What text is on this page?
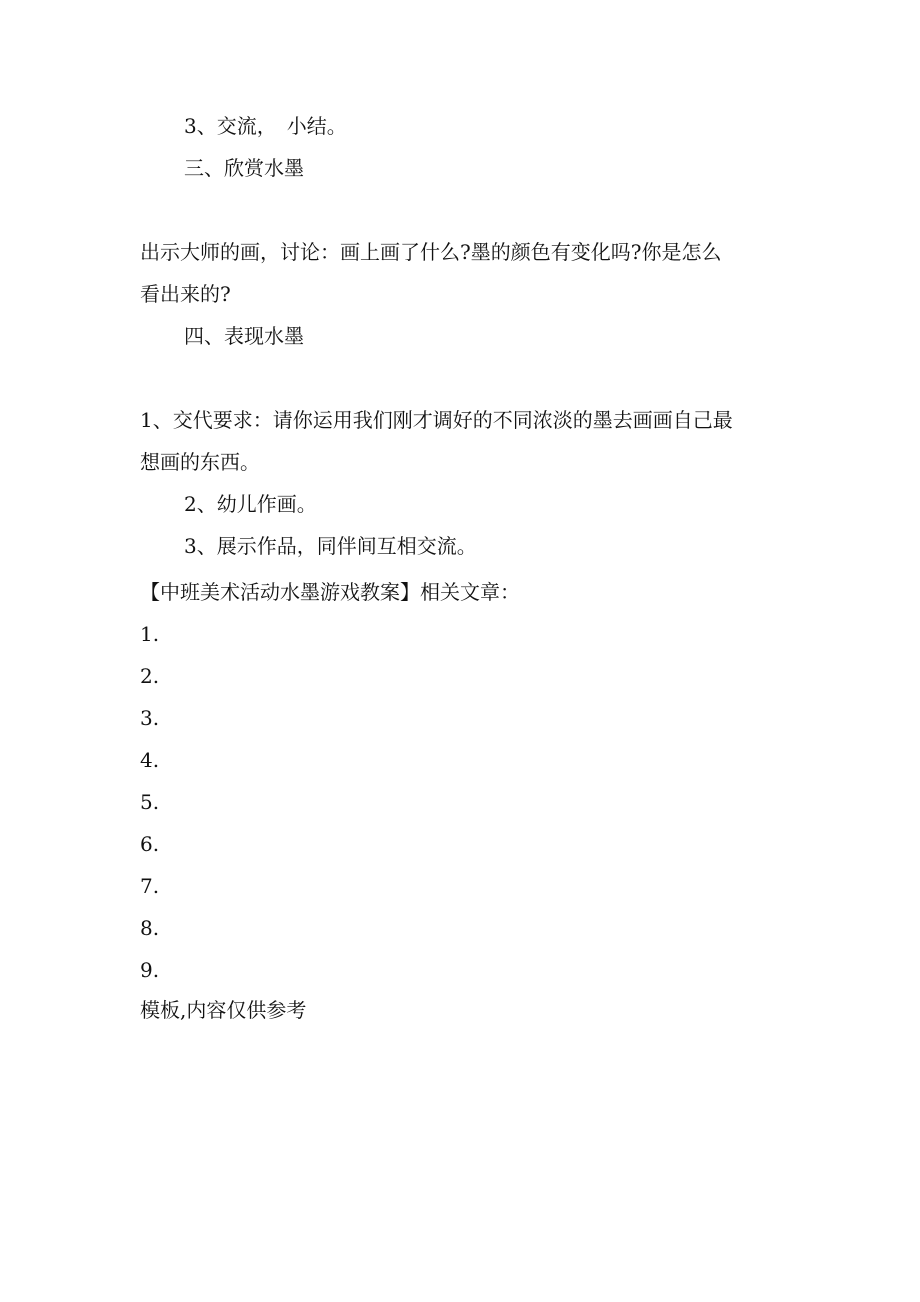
3、交流，　小结。
三、欣赏水墨
出示大师的画，讨论：画上画了什么?墨的颜色有变化吗?你是怎么
看出来的?
四、表现水墨
1、交代要求：请你运用我们刚才调好的不同浓淡的墨去画画自己最
想画的东西。
2、幼儿作画。
3、展示作品，同伴间互相交流。
【中班美术活动水墨游戏教案】相关文章：
1.
2.
3.
4.
5.
6.
7.
8.
9.
模板,内容仅供参考
